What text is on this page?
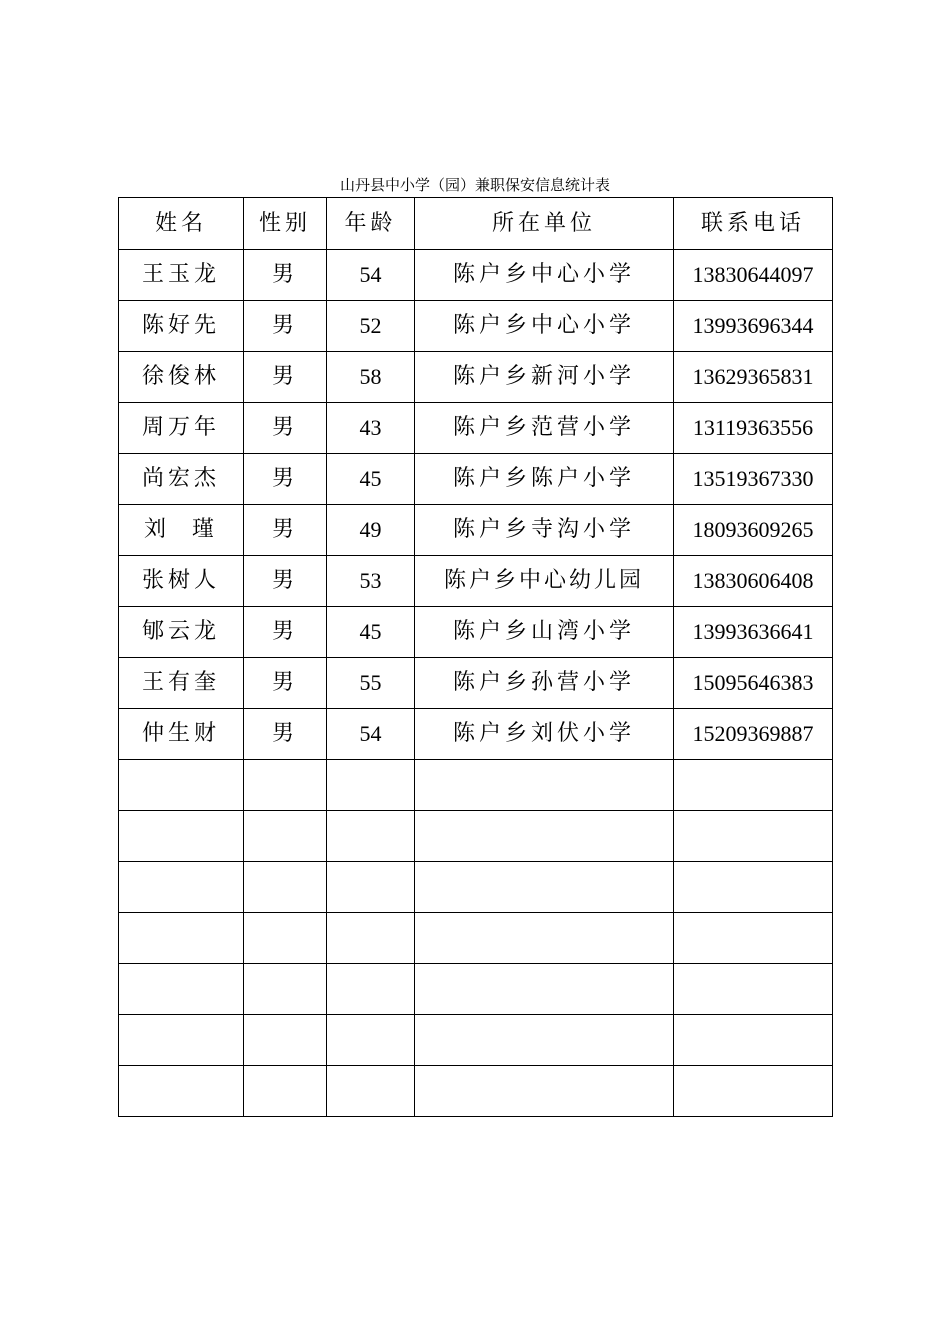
山丹县中小学（园）兼职保安信息统计表
姓名	性别	年龄	所在单位	联系电话
王玉龙	男	54	陈户乡中心小学	13830644097
陈好先	男	52	陈户乡中心小学	13993696344
徐俊林	男	58	陈户乡新河小学	13629365831
周万年	男	43	陈户乡范营小学	13119363556
尚宏杰	男	45	陈户乡陈户小学	13519367330
刘  瑾	男	49	陈户乡寺沟小学	18093609265
张树人	男	53	陈户乡中心幼儿园	13830606408
郇云龙	男	45	陈户乡山湾小学	13993636641
王有奎	男	55	陈户乡孙营小学	15095646383
仲生财	男	54	陈户乡刘伏小学	15209369887
